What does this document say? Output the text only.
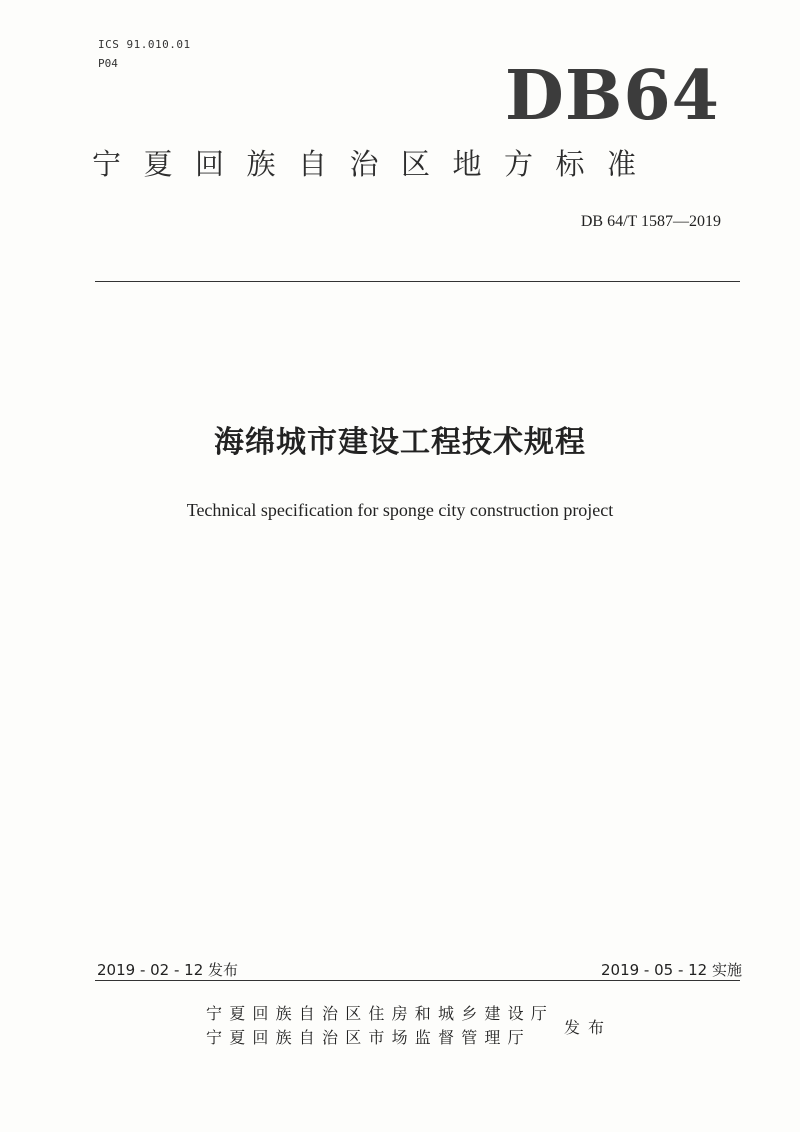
ICS 91.010.01
P04	DB64
宁夏回族自治区地方标准
DB 64/T 1587—2019
海绵城市建设工程技术规程
Technical specification for sponge city construction project
2019 - 02 - 12 发布	2019 - 05 - 12 实施
宁夏回族自治区住房和城乡建设厅
宁夏回族自治区市场监督管理厅
发布
